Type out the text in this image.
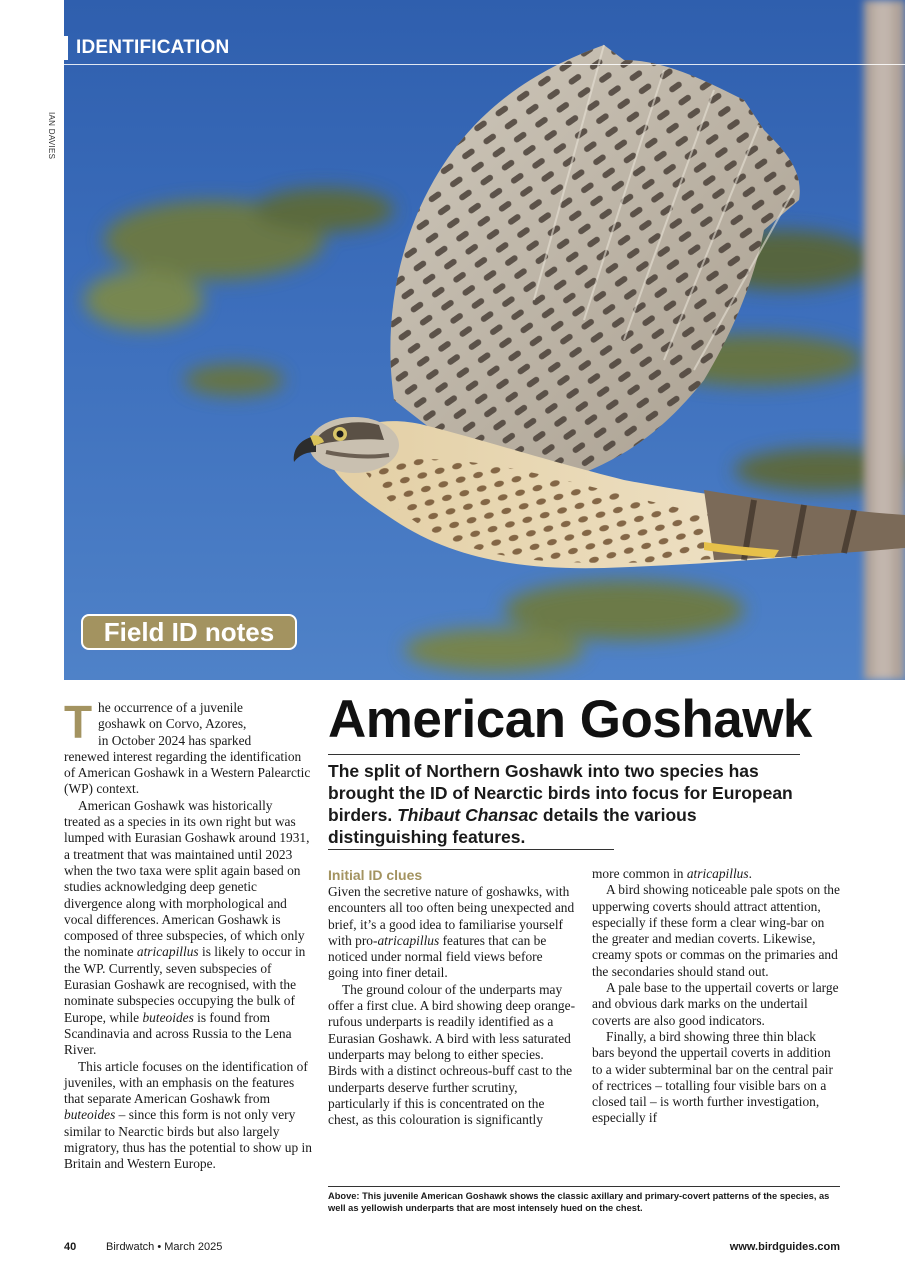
IDENTIFICATION
IAN DAVIES
Field ID notes

T he occurrence of a juvenile
goshawk on Corvo, Azores,
in October 2024 has sparked
renewed interest regarding the identification of American Goshawk in a Western Palearctic (WP) context.

American Goshawk was historically treated as a species in its own right but was lumped with Eurasian Goshawk around 1931, a treatment that was maintained until 2023 when the two taxa were split again based on studies acknowledging deep genetic divergence along with morphological and vocal differences. American Goshawk is composed of three subspecies, of which only the nominate atricapillus is likely to occur in the WP. Currently, seven subspecies of Eurasian Goshawk are recognised, with the nominate subspecies occupying the bulk of Europe, while buteoides is found from Scandinavia and across Russia to the Lena River.

This article focuses on the identification of juveniles, with an emphasis on the features that separate American Goshawk from buteoides – since this form is not only very similar to Nearctic birds but also largely migratory, thus has the potential to show up in Britain and Western Europe.

American Goshawk
The split of Northern Goshawk into two species has brought the ID of Nearctic birds into focus for European birders. Thibaut Chansac details the various distinguishing features.
Initial ID clues

Given the secretive nature of goshawks, with encounters all too often being unexpected and brief, it’s a good idea to familiarise yourself with pro-atricapillus features that can be noticed under normal field views before going into finer detail.

The ground colour of the underparts may offer a first clue. A bird showing deep orange-rufous underparts is readily identified as a Eurasian Goshawk. A bird with less saturated underparts may belong to either species. Birds with a distinct ochreous-buff cast to the underparts deserve further scrutiny, particularly if this is concentrated on the chest, as this colouration is significantly

more common in atricapillus.

A bird showing noticeable pale spots on the upperwing coverts should attract attention, especially if these form a clear wing-bar on the greater and median coverts. Likewise, creamy spots or commas on the primaries and the secondaries should stand out.

A pale base to the uppertail coverts or large and obvious dark marks on the undertail coverts are also good indicators.

Finally, a bird showing three thin black bars beyond the uppertail coverts in addition to a wider subterminal bar on the central pair of rectrices – totalling four visible bars on a closed tail – is worth further investigation, especially if

Above: This juvenile American Goshawk shows the classic axillary and primary-covert patterns of the species, as well as yellowish underparts that are most intensely hued on the chest.
40	Birdwatch • March 2025	www.birdguides.com
